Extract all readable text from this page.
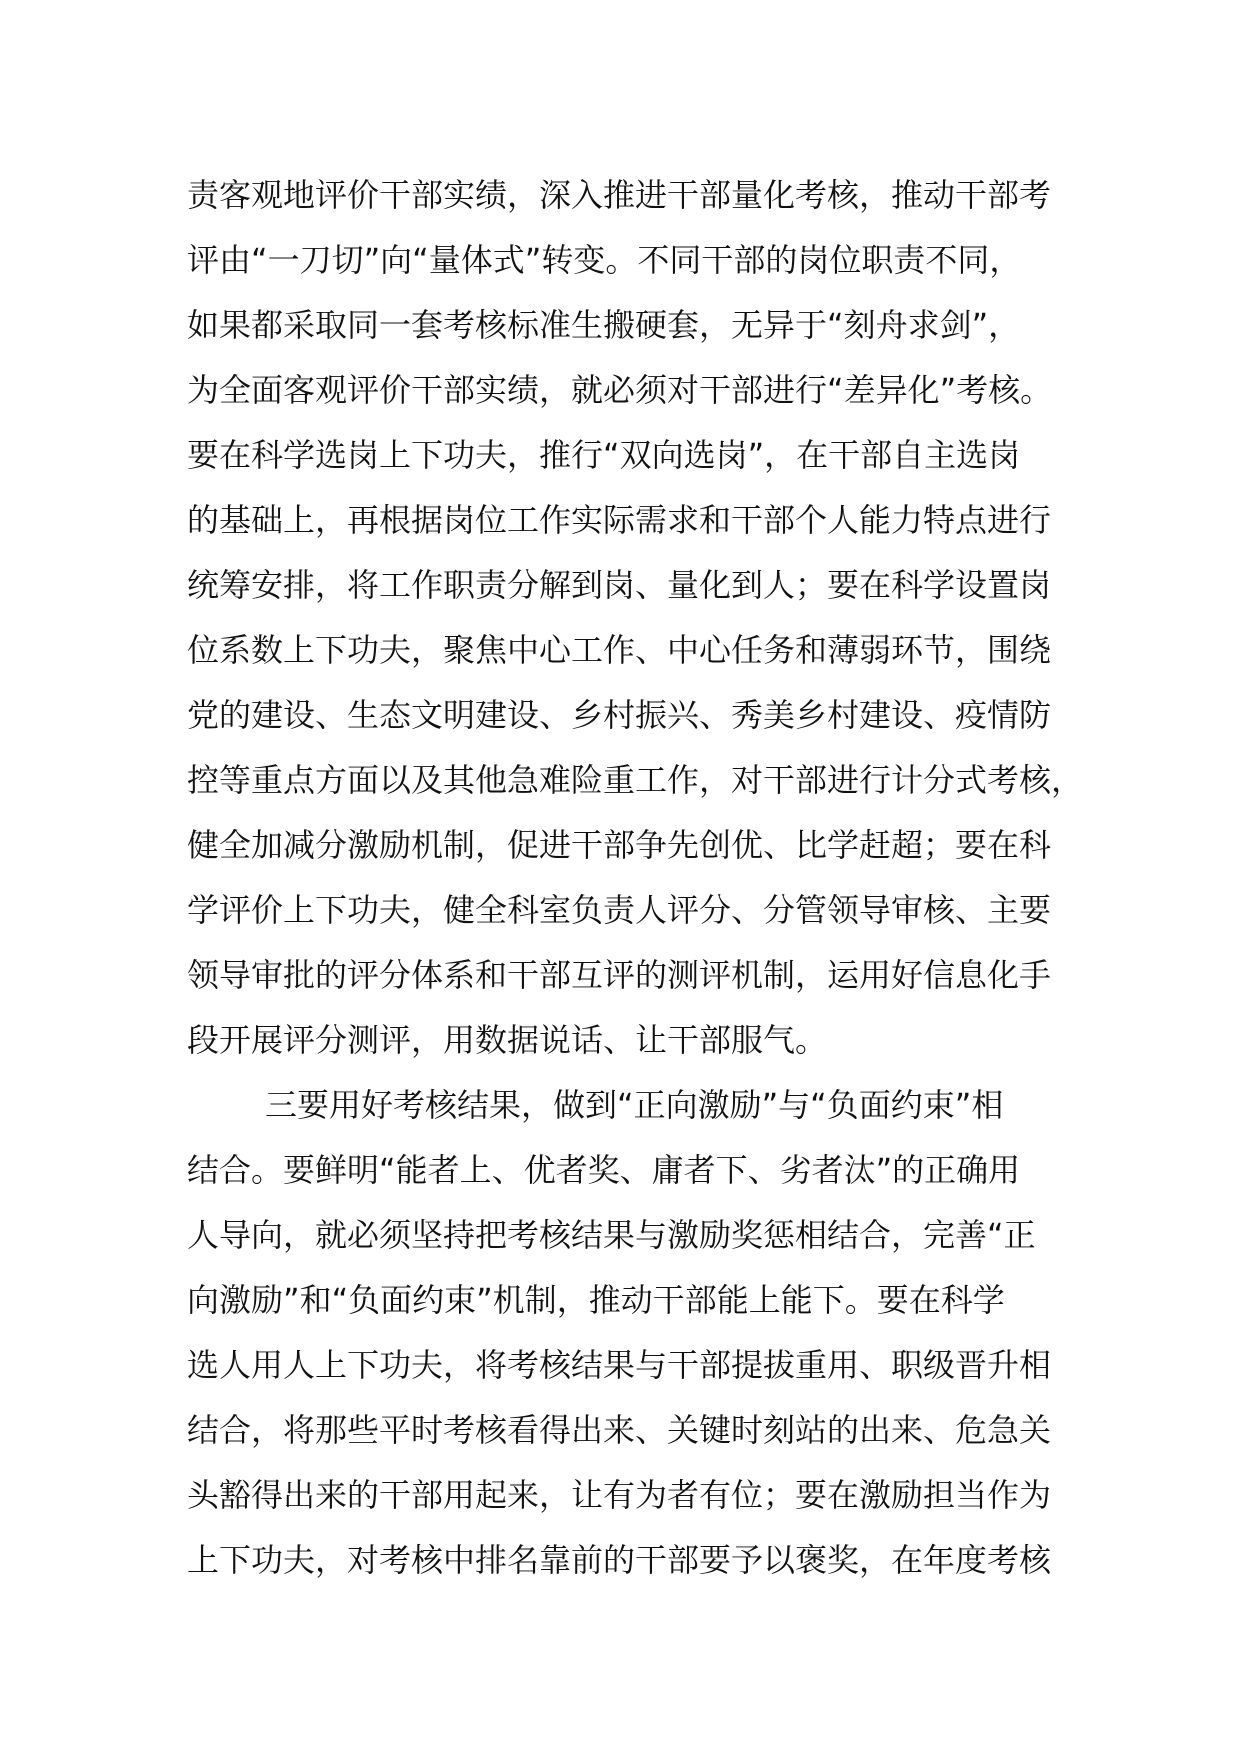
责客观地评价干部实绩，深入推进干部量化考核，推动干部考
评由“一刀切”向“量体式”转变。不同干部的岗位职责不同，
如果都采取同一套考核标准生搬硬套，无异于“刻舟求剑”，
为全面客观评价干部实绩，就必须对干部进行“差异化”考核。
要在科学选岗上下功夫，推行“双向选岗”，在干部自主选岗
的基础上，再根据岗位工作实际需求和干部个人能力特点进行
统筹安排，将工作职责分解到岗、量化到人；要在科学设置岗
位系数上下功夫，聚焦中心工作、中心任务和薄弱环节，围绕
党的建设、生态文明建设、乡村振兴、秀美乡村建设、疫情防
控等重点方面以及其他急难险重工作，对干部进行计分式考核，
健全加减分激励机制，促进干部争先创优、比学赶超；要在科
学评价上下功夫，健全科室负责人评分、分管领导审核、主要
领导审批的评分体系和干部互评的测评机制，运用好信息化手
段开展评分测评，用数据说话、让干部服气。
三要用好考核结果，做到“正向激励”与“负面约束”相
结合。要鲜明“能者上、优者奖、庸者下、劣者汰”的正确用
人导向，就必须坚持把考核结果与激励奖惩相结合，完善“正
向激励”和“负面约束”机制，推动干部能上能下。要在科学
选人用人上下功夫，将考核结果与干部提拔重用、职级晋升相
结合，将那些平时考核看得出来、关键时刻站的出来、危急关
头豁得出来的干部用起来，让有为者有位；要在激励担当作为
上下功夫，对考核中排名靠前的干部要予以褒奖，在年度考核
